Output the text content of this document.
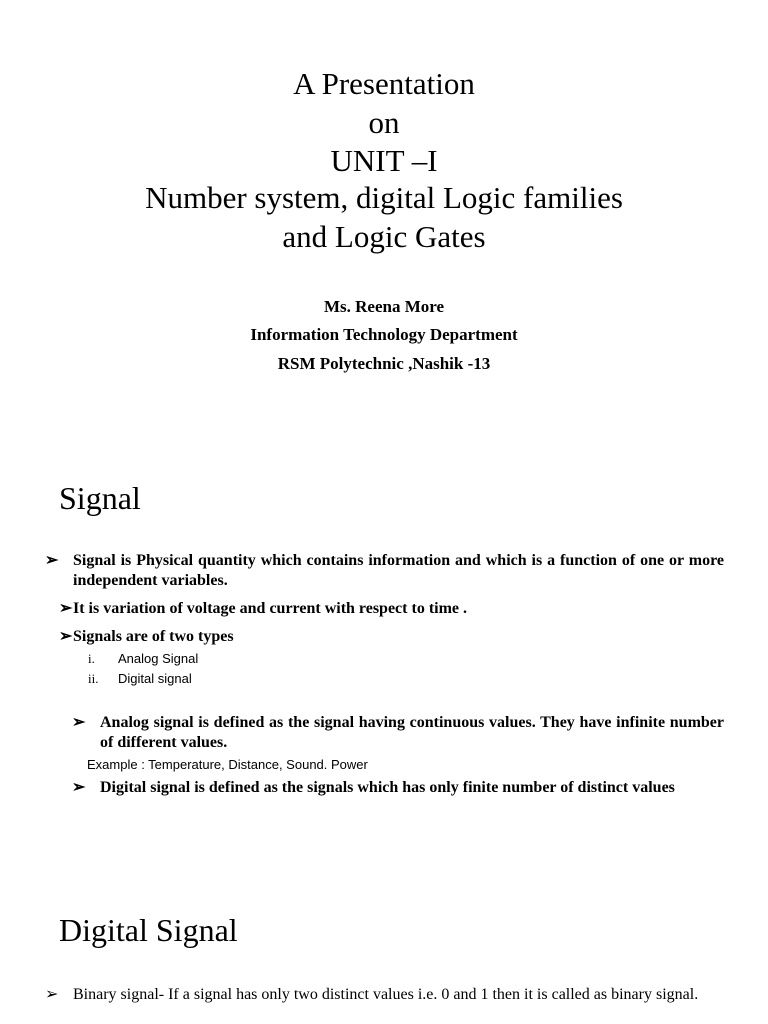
A Presentation
on
UNIT –I
Number system, digital Logic families
and Logic Gates
Ms. Reena More
Information Technology Department
RSM Polytechnic ,Nashik -13
Signal
➢ Signal is Physical quantity which contains information and which is a function of one or more independent variables.
➢It is variation of voltage and current with respect to time .
➢Signals are of two types
i. Analog Signal
ii. Digital signal
➢ Analog signal is defined as the signal having continuous values. They have infinite number of different values.
Example : Temperature, Distance, Sound. Power
➢ Digital signal is defined as the signals which has only finite number of distinct values
Digital Signal
➢ Binary signal- If a signal has only two distinct values i.e. 0 and 1 then it is called as binary signal.
